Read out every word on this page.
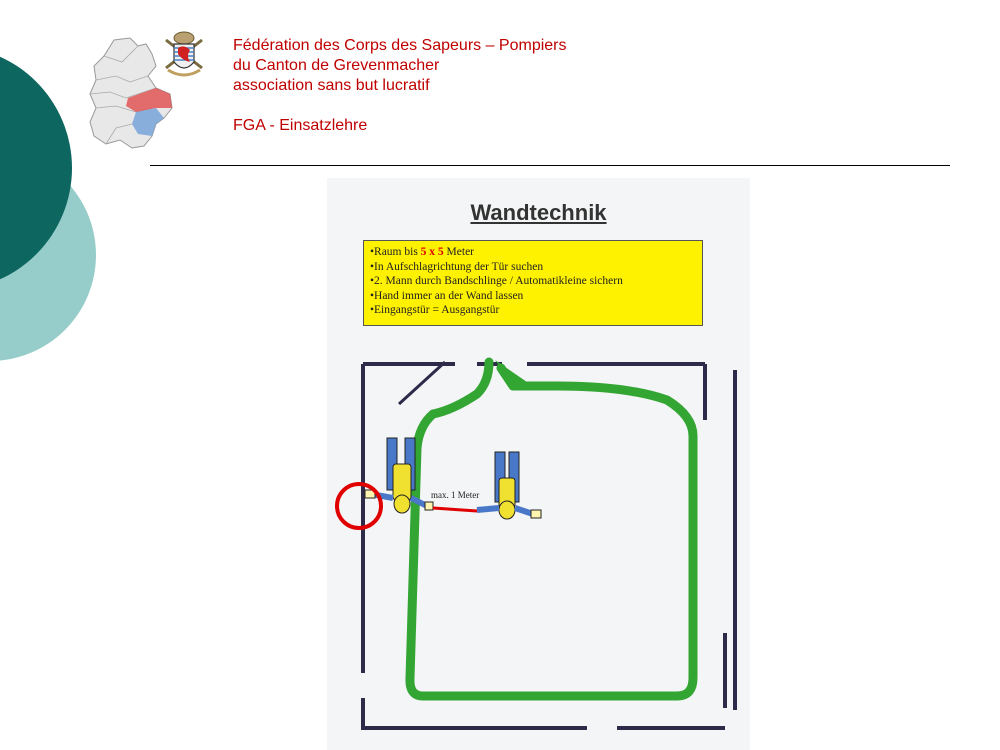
Fédération des Corps des Sapeurs – Pompiers
du Canton de Grevenmacher
association sans but lucratif
FGA - Einsatzlehre
Wandtechnik
•Raum bis 5 x 5 Meter
•In Aufschlagrichtung der Tür suchen
•2. Mann durch Bandschlinge / Automatikleine sichern
•Hand immer an der Wand lassen
•Eingangstür = Ausgangstür
max. 1 Meter
